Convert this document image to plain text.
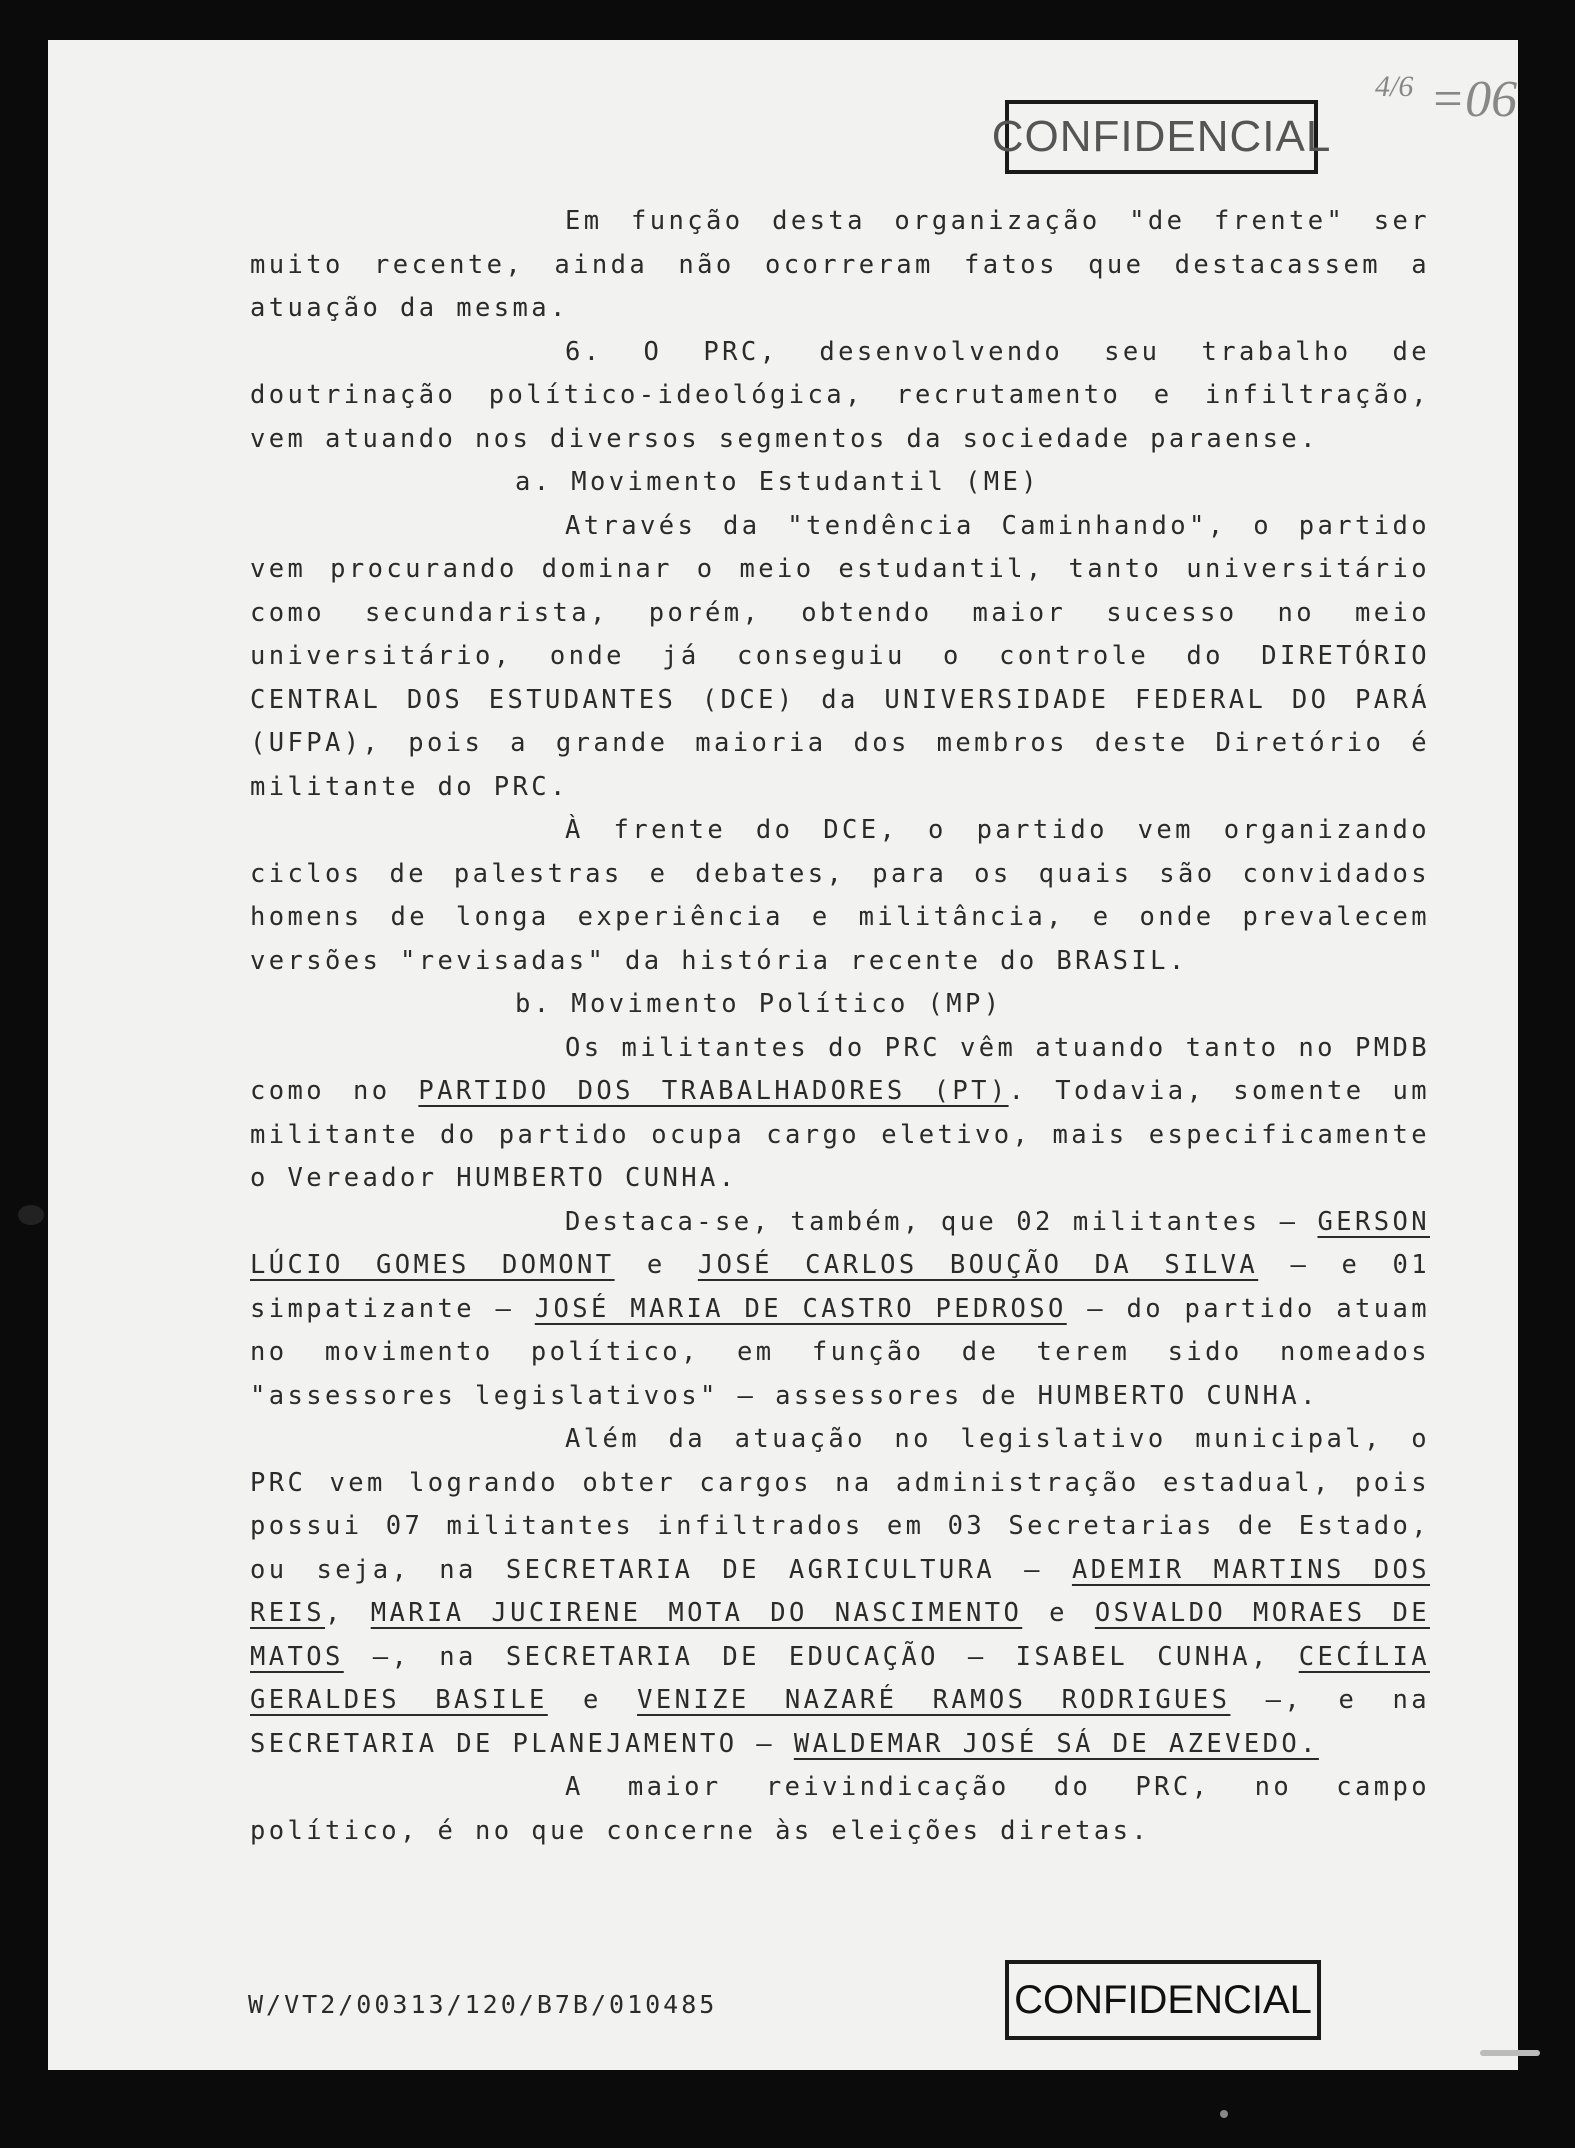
CONFIDENCIAL
4/6 =06

Em função desta organização "de frente" ser muito recente, ainda não ocorreram fatos que destacassem a atuação da mesma.

6. O PRC, desenvolvendo seu trabalho de doutrinação político-ideológica, recrutamento e infiltração, vem atuando nos diversos segmentos da sociedade paraense.

a. Movimento Estudantil (ME)

Através da "tendência Caminhando", o partido vem procurando dominar o meio estudantil, tanto universitário como secundarista, porém, obtendo maior sucesso no meio universitário, onde já conseguiu o controle do DIRETÓRIO CENTRAL DOS ESTUDANTES (DCE) da UNIVERSIDADE FEDERAL DO PARÁ (UFPA), pois a grande maioria dos membros deste Diretório é militante do PRC.

À frente do DCE, o partido vem organizando ciclos de palestras e debates, para os quais são convidados homens de longa experiência e militância, e onde prevalecem versões "revisadas" da história recente do BRASIL.

b. Movimento Político (MP)

Os militantes do PRC vêm atuando tanto no PMDB como no PARTIDO DOS TRABALHADORES (PT). Todavia, somente um militante do partido ocupa cargo eletivo, mais especificamente o Vereador HUMBERTO CUNHA.

Destaca-se, também, que 02 militantes — GERSON LÚCIO GOMES DOMONT e JOSÉ CARLOS BOUÇÃO DA SILVA — e 01 simpatizante — JOSÉ MARIA DE CASTRO PEDROSO — do partido atuam no movimento político, em função de terem sido nomeados "assessores legislativos" — assessores de HUMBERTO CUNHA.

Além da atuação no legislativo municipal, o PRC vem logrando obter cargos na administração estadual, pois possui 07 militantes infiltrados em 03 Secretarias de Estado, ou seja, na SECRETARIA DE AGRICULTURA — ADEMIR MARTINS DOS REIS, MARIA JUCIRENE MOTA DO NASCIMENTO e OSVALDO MORAES DE MATOS —, na SECRETARIA DE EDUCAÇÃO — ISABEL CUNHA, CECÍLIA GERALDES BASILE e VENIZE NAZARÉ RAMOS RODRIGUES —, e na SECRETARIA DE PLANEJAMENTO — WALDEMAR JOSÉ SÁ DE AZEVEDO.

A maior reivindicação do PRC, no campo político, é no que concerne às eleições diretas.

W/VT2/00313/120/B7B/010485	CONFIDENCIAL
